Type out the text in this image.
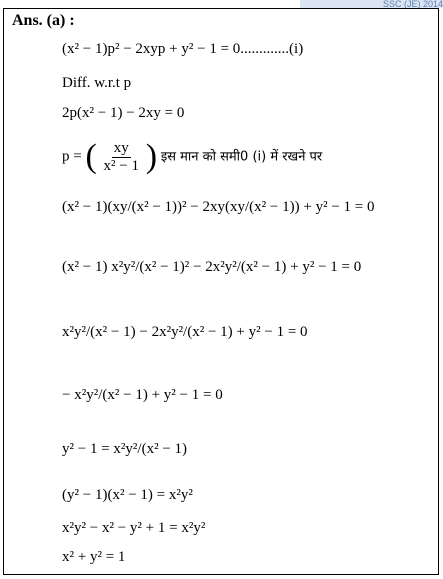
SSC (JE) 2014
Ans. (a) :
(x² − 1)p² − 2xyp + y² − 1 = 0.............(i)
Diff. w.r.t p
2p(x² − 1) − 2xy = 0
p = ( $\frac{xy}{\text{x² − 1}}$ ) इस मान को समी0 (i) में रखने पर
(x² − 1)(xy/(x² − 1))² − 2xy(xy/(x² − 1)) + y² − 1 = 0
(x² − 1) x²y²/(x² − 1)² − 2x²y²/(x² − 1) + y² − 1 = 0
x²y²/(x² − 1) − 2x²y²/(x² − 1) + y² − 1 = 0
− x²y²/(x² − 1) + y² − 1 = 0
y² − 1 = x²y²/(x² − 1)
(y² − 1)(x² − 1) = x²y²
x²y² − x² − y² + 1 = x²y²
x² + y² = 1
